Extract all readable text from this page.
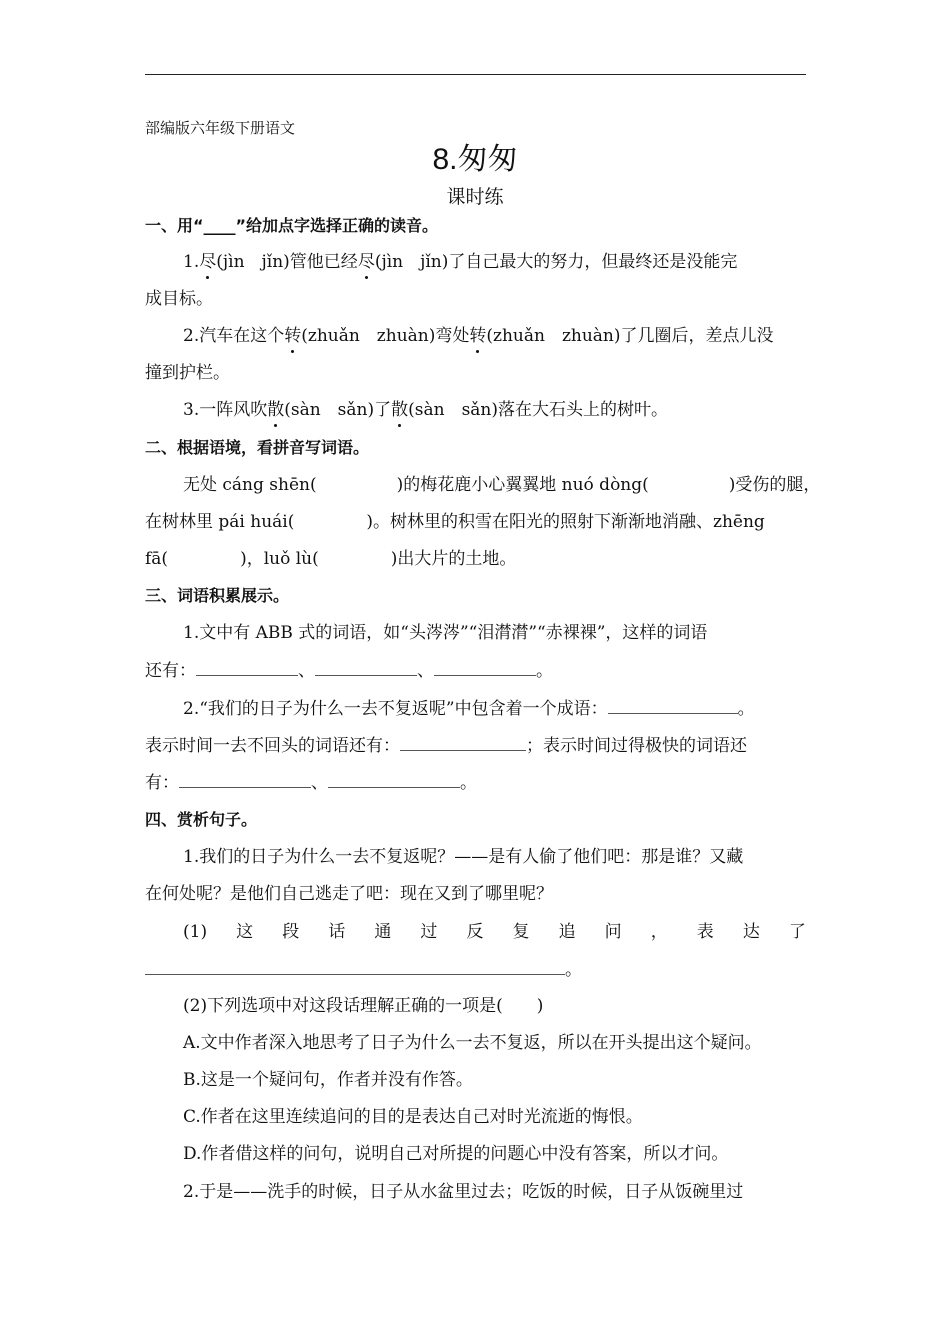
部编版六年级下册语文
8.匆匆
课时练
一、用“____”给加点字选择正确的读音。
1.尽(jìn　jǐn)管他已经尽(jìn　jǐn)了自己最大的努力，但最终还是没能完
成目标。
2.汽车在这个转(zhuǎn　zhuàn)弯处转(zhuǎn　zhuàn)了几圈后，差点儿没
撞到护栏。
3.一阵风吹散(sàn　sǎn)了散(sàn　sǎn)落在大石头上的树叶。
二、根据语境，看拼音写词语。
无处 cáng shēn(	)的梅花鹿小心翼翼地 nuó dòng(	)受伤的腿，
在树林里 pái huái(	)。树林里的积雪在阳光的照射下渐渐地消融、zhēng
fā(	)，luǒ lù(	)出大片的土地。
三、词语积累展示。
1.文中有 ABB 式的词语，如“头涔涔”“泪潸潸”“赤裸裸”，这样的词语
还有：	、	、	。
2.“我们的日子为什么一去不复返呢”中包含着一个成语：	。
表示时间一去不回头的词语还有：	；表示时间过得极快的词语还
有：	、	。
四、赏析句子。
1.我们的日子为什么一去不复返呢？——是有人偷了他们吧：那是谁？又藏
在何处呢？是他们自己逃走了吧：现在又到了哪里呢？
(1) 这 段 话 通 过 反 复 追 问 ， 表 达 了
。
(2)下列选项中对这段话理解正确的一项是(　　)
A.文中作者深入地思考了日子为什么一去不复返，所以在开头提出这个疑问。
B.这是一个疑问句，作者并没有作答。
C.作者在这里连续追问的目的是表达自己对时光流逝的悔恨。
D.作者借这样的问句，说明自己对所提的问题心中没有答案，所以才问。
2.于是——洗手的时候，日子从水盆里过去；吃饭的时候，日子从饭碗里过
